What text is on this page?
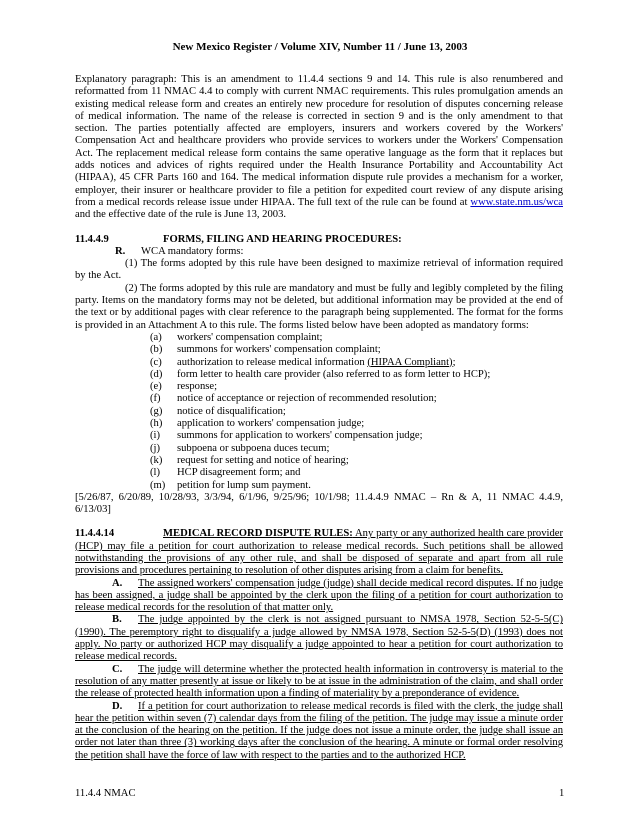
New Mexico Register / Volume XIV, Number 11 / June 13, 2003

Explanatory paragraph: This is an amendment to 11.4.4 sections 9 and 14. This rule is also renumbered and reformatted from 11 NMAC 4.4 to comply with current NMAC requirements. This rules promulgation amends an existing medical release form and creates an entirely new procedure for resolution of disputes concerning release of medical information. The name of the release is corrected in section 9 and is the only amendment to that section. The parties potentially affected are employers, insurers and workers covered by the Workers' Compensation Act and healthcare providers who provide services to workers under the Workers' Compensation Act. The replacement medical release form contains the same operative language as the form that it replaces but adds notices and advices of rights required under the Health Insurance Portability and Accountability Act (HIPAA), 45 CFR Parts 160 and 164. The medical information dispute rule provides a mechanism for a worker, employer, their insurer or healthcare provider to file a petition for expedited court review of any dispute arising from a medical records release issue under HIPAA. The full text of the rule can be found at www.state.nm.us/wca and the effective date of the rule is June 13, 2003.

11.4.4.9	FORMS, FILING AND HEARING PROCEDURES:
R. WCA mandatory forms:

(1) The forms adopted by this rule have been designed to maximize retrieval of information required by the Act.

(2) The forms adopted by this rule are mandatory and must be fully and legibly completed by the filing party. Items on the mandatory forms may not be deleted, but additional information may be provided at the end of the text or by additional pages with clear reference to the paragraph being supplemented. The format for the forms is provided in an Attachment A to this rule. The forms listed below have been adopted as mandatory forms:

(a) workers' compensation complaint;
(b) summons for workers' compensation complaint;
(c) authorization to release medical information (HIPAA Compliant);
(d) form letter to health care provider (also referred to as form letter to HCP);
(e) response;
(f) notice of acceptance or rejection of recommended resolution;
(g) notice of disqualification;
(h) application to workers' compensation judge;
(i) summons for application to workers' compensation judge;
(j) subpoena or subpoena duces tecum;
(k) request for setting and notice of hearing;
(l) HCP disagreement form; and
(m) petition for lump sum payment.

[5/26/87, 6/20/89, 10/28/93, 3/3/94, 6/1/96, 9/25/96; 10/1/98; 11.4.4.9 NMAC – Rn & A, 11 NMAC 4.4.9, 6/13/03]

11.4.4.14	MEDICAL RECORD DISPUTE RULES: Any party or any authorized health care provider (HCP) may file a petition for court authorization to release medical records. Such petitions shall be allowed notwithstanding the provisions of any other rule, and shall be disposed of separate and apart from all rule provisions and procedures pertaining to resolution of other disputes arising from a claim for benefits.

A. The assigned workers' compensation judge (judge) shall decide medical record disputes. If no judge has been assigned, a judge shall be appointed by the clerk upon the filing of a petition for court authorization to release medical records for the resolution of that matter only.

B. The judge appointed by the clerk is not assigned pursuant to NMSA 1978, Section 52-5-5(C) (1990). The peremptory right to disqualify a judge allowed by NMSA 1978, Section 52-5-5(D) (1993) does not apply. No party or authorized HCP may disqualify a judge appointed to hear a petition for court authorization to release medical records.

C. The judge will determine whether the protected health information in controversy is material to the resolution of any matter presently at issue or likely to be at issue in the administration of the claim, and shall order the release of protected health information upon a finding of materiality by a preponderance of evidence.

D. If a petition for court authorization to release medical records is filed with the clerk, the judge shall hear the petition within seven (7) calendar days from the filing of the petition. The judge may issue a minute order at the conclusion of the hearing on the petition. If the judge does not issue a minute order, the judge shall issue an order not later than three (3) working days after the conclusion of the hearing. A minute or formal order resolving the petition shall have the force of law with respect to the parties and to the authorized HCP.

11.4.4 NMAC	1
